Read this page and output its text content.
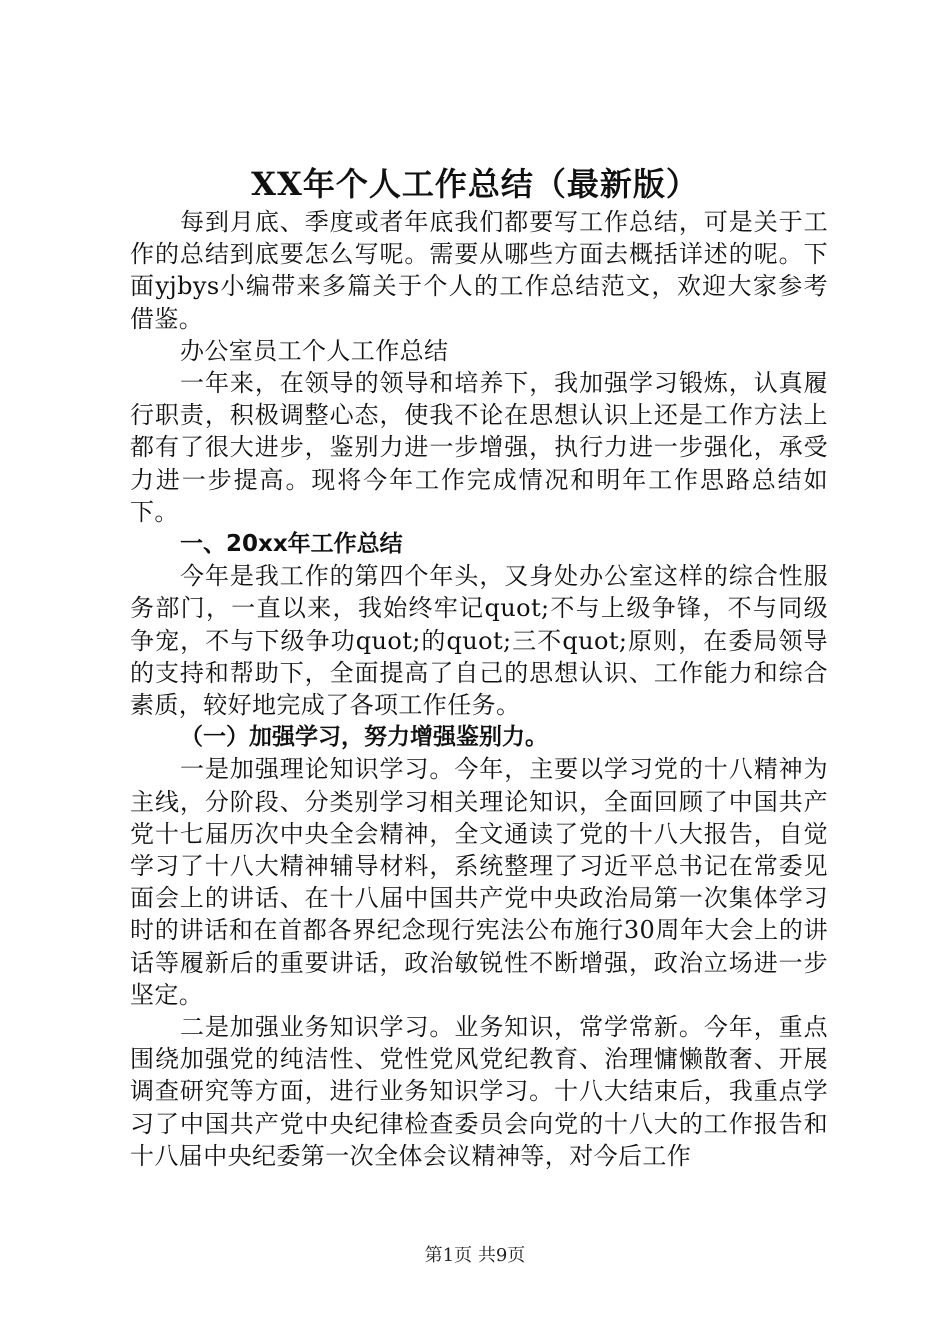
XX年个人工作总结（最新版）

每到月底、季度或者年底我们都要写工作总结，可是关于工作的总结到底要怎么写呢。需要从哪些方面去概括详述的呢。下面yjbys小编带来多篇关于个人的工作总结范文，欢迎大家参考借鉴。

办公室员工个人工作总结

一年来，在领导的领导和培养下，我加强学习锻炼，认真履行职责，积极调整心态，使我不论在思想认识上还是工作方法上都有了很大进步，鉴别力进一步增强，执行力进一步强化，承受力进一步提高。现将今年工作完成情况和明年工作思路总结如下。

一、20xx年工作总结

今年是我工作的第四个年头，又身处办公室这样的综合性服务部门，一直以来，我始终牢记quot;不与上级争锋，不与同级争宠，不与下级争功quot;的quot;三不quot;原则，在委局领导的支持和帮助下，全面提高了自己的思想认识、工作能力和综合素质，较好地完成了各项工作任务。

（一）加强学习，努力增强鉴别力。

一是加强理论知识学习。今年，主要以学习党的十八精神为主线，分阶段、分类别学习相关理论知识，全面回顾了中国共产党十七届历次中央全会精神，全文通读了党的十八大报告，自觉学习了十八大精神辅导材料，系统整理了习近平总书记在常委见面会上的讲话、在十八届中国共产党中央政治局第一次集体学习时的讲话和在首都各界纪念现行宪法公布施行30周年大会上的讲话等履新后的重要讲话，政治敏锐性不断增强，政治立场进一步坚定。

二是加强业务知识学习。业务知识，常学常新。今年，重点围绕加强党的纯洁性、党性党风党纪教育、治理慵懒散奢、开展调查研究等方面，进行业务知识学习。十八大结束后，我重点学习了中国共产党中央纪律检查委员会向党的十八大的工作报告和十八届中央纪委第一次全体会议精神等，对今后工作

第1页 共9页
